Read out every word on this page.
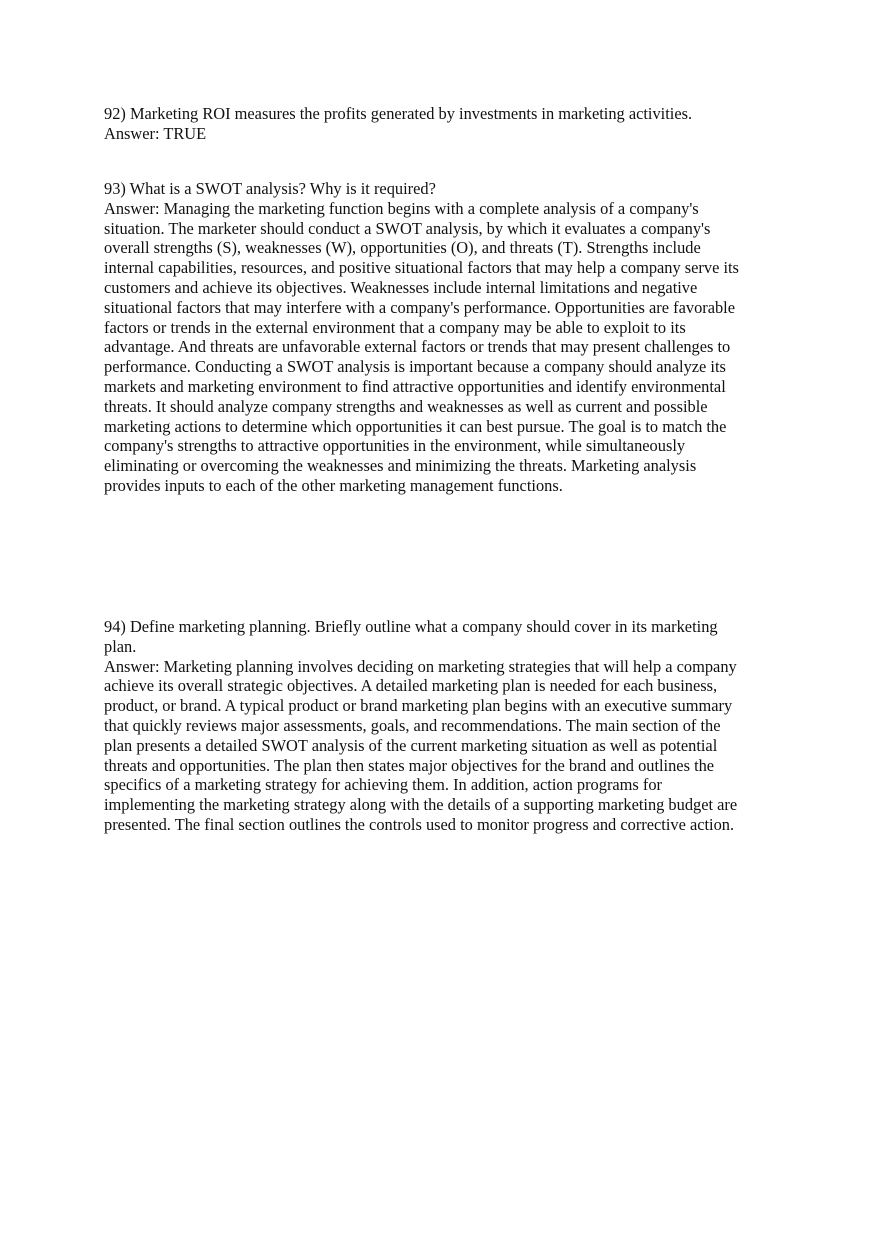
92) Marketing ROI measures the profits generated by investments in marketing activities.
Answer: TRUE
93) What is a SWOT analysis? Why is it required?
Answer: Managing the marketing function begins with a complete analysis of a company's
situation. The marketer should conduct a SWOT analysis, by which it evaluates a company's
overall strengths (S), weaknesses (W), opportunities (O), and threats (T). Strengths include
internal capabilities, resources, and positive situational factors that may help a company serve its
customers and achieve its objectives. Weaknesses include internal limitations and negative
situational factors that may interfere with a company's performance. Opportunities are favorable
factors or trends in the external environment that a company may be able to exploit to its
advantage. And threats are unfavorable external factors or trends that may present challenges to
performance. Conducting a SWOT analysis is important because a company should analyze its
markets and marketing environment to find attractive opportunities and identify environmental
threats. It should analyze company strengths and weaknesses as well as current and possible
marketing actions to determine which opportunities it can best pursue. The goal is to match the
company's strengths to attractive opportunities in the environment, while simultaneously
eliminating or overcoming the weaknesses and minimizing the threats. Marketing analysis
provides inputs to each of the other marketing management functions.
94) Define marketing planning. Briefly outline what a company should cover in its marketing
plan.
Answer: Marketing planning involves deciding on marketing strategies that will help a company
achieve its overall strategic objectives. A detailed marketing plan is needed for each business,
product, or brand. A typical product or brand marketing plan begins with an executive summary
that quickly reviews major assessments, goals, and recommendations. The main section of the
plan presents a detailed SWOT analysis of the current marketing situation as well as potential
threats and opportunities. The plan then states major objectives for the brand and outlines the
specifics of a marketing strategy for achieving them. In addition, action programs for
implementing the marketing strategy along with the details of a supporting marketing budget are
presented. The final section outlines the controls used to monitor progress and corrective action.
